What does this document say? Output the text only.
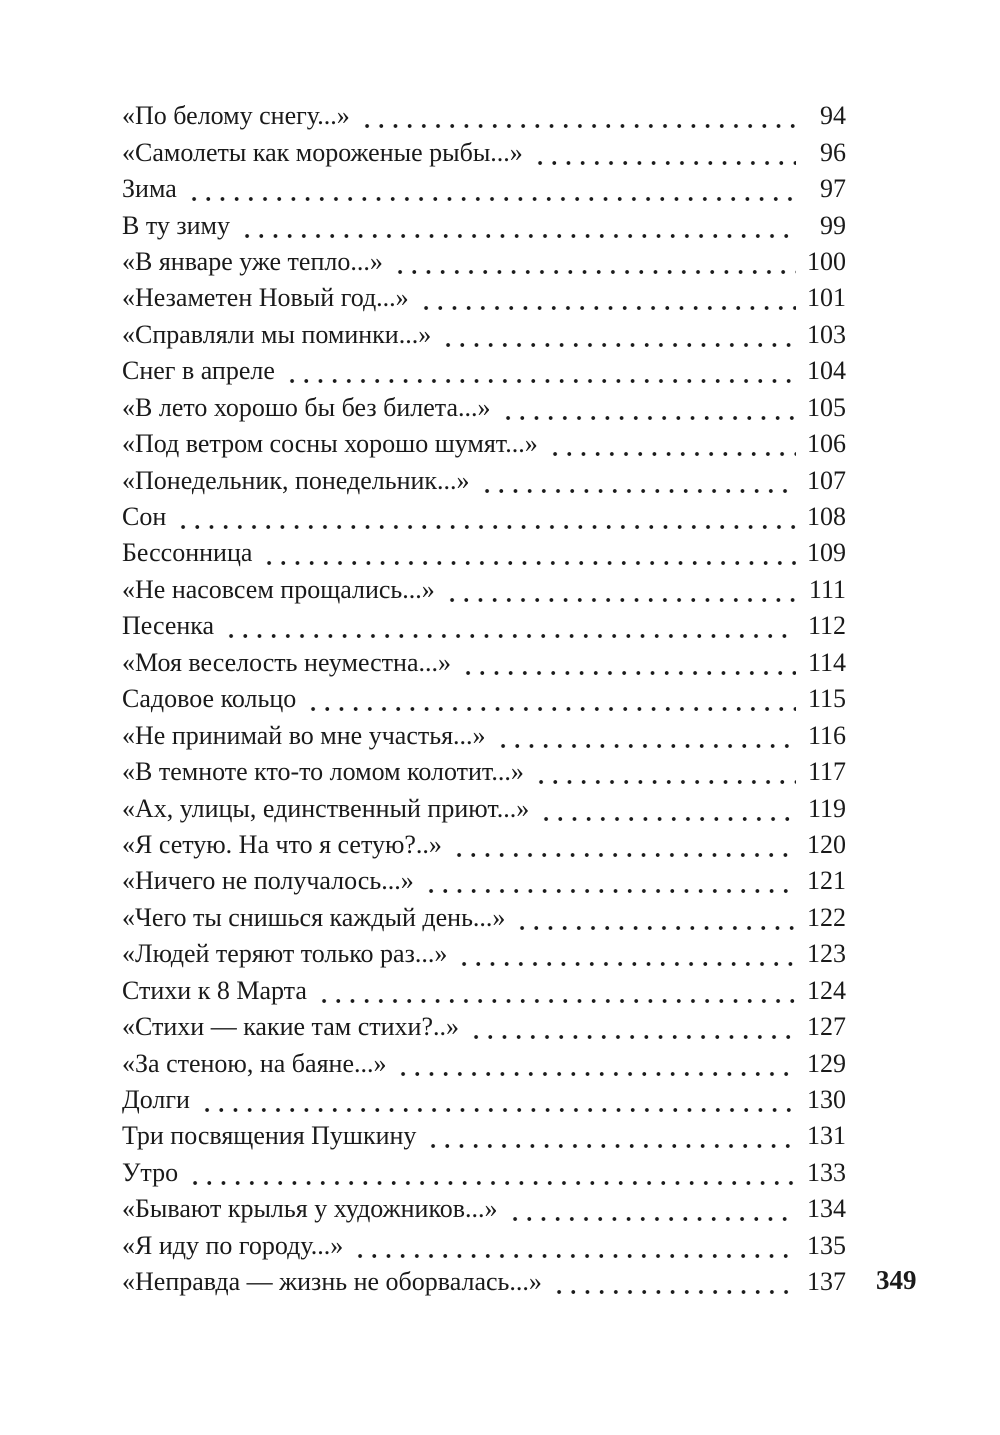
«По белому снегу...»	94
«Самолеты как мороженые рыбы...»	96
Зима	97
В ту зиму	99
«В январе уже тепло...»	100
«Незаметен Новый год...»	101
«Справляли мы поминки...»	103
Снег в апреле	104
«В лето хорошо бы без билета...»	105
«Под ветром сосны хорошо шумят...»	106
«Понедельник, понедельник...»	107
Сон	108
Бессонница	109
«Не насовсем прощались...»	111
Песенка	112
«Моя веселость неуместна...»	114
Садовое кольцо	115
«Не принимай во мне участья...»	116
«В темноте кто-то ломом колотит...»	117
«Ах, улицы, единственный приют...»	119
«Я сетую. На что я сетую?..»	120
«Ничего не получалось...»	121
«Чего ты снишься каждый день...»	122
«Людей теряют только раз...»	123
Стихи к 8 Марта	124
«Стихи — какие там стихи?..»	127
«За стеною, на баяне...»	129
Долги	130
Три посвящения Пушкину	131
Утро	133
«Бывают крылья у художников...»	134
«Я иду по городу...»	135
«Неправда — жизнь не оборвалась...»	137 349
